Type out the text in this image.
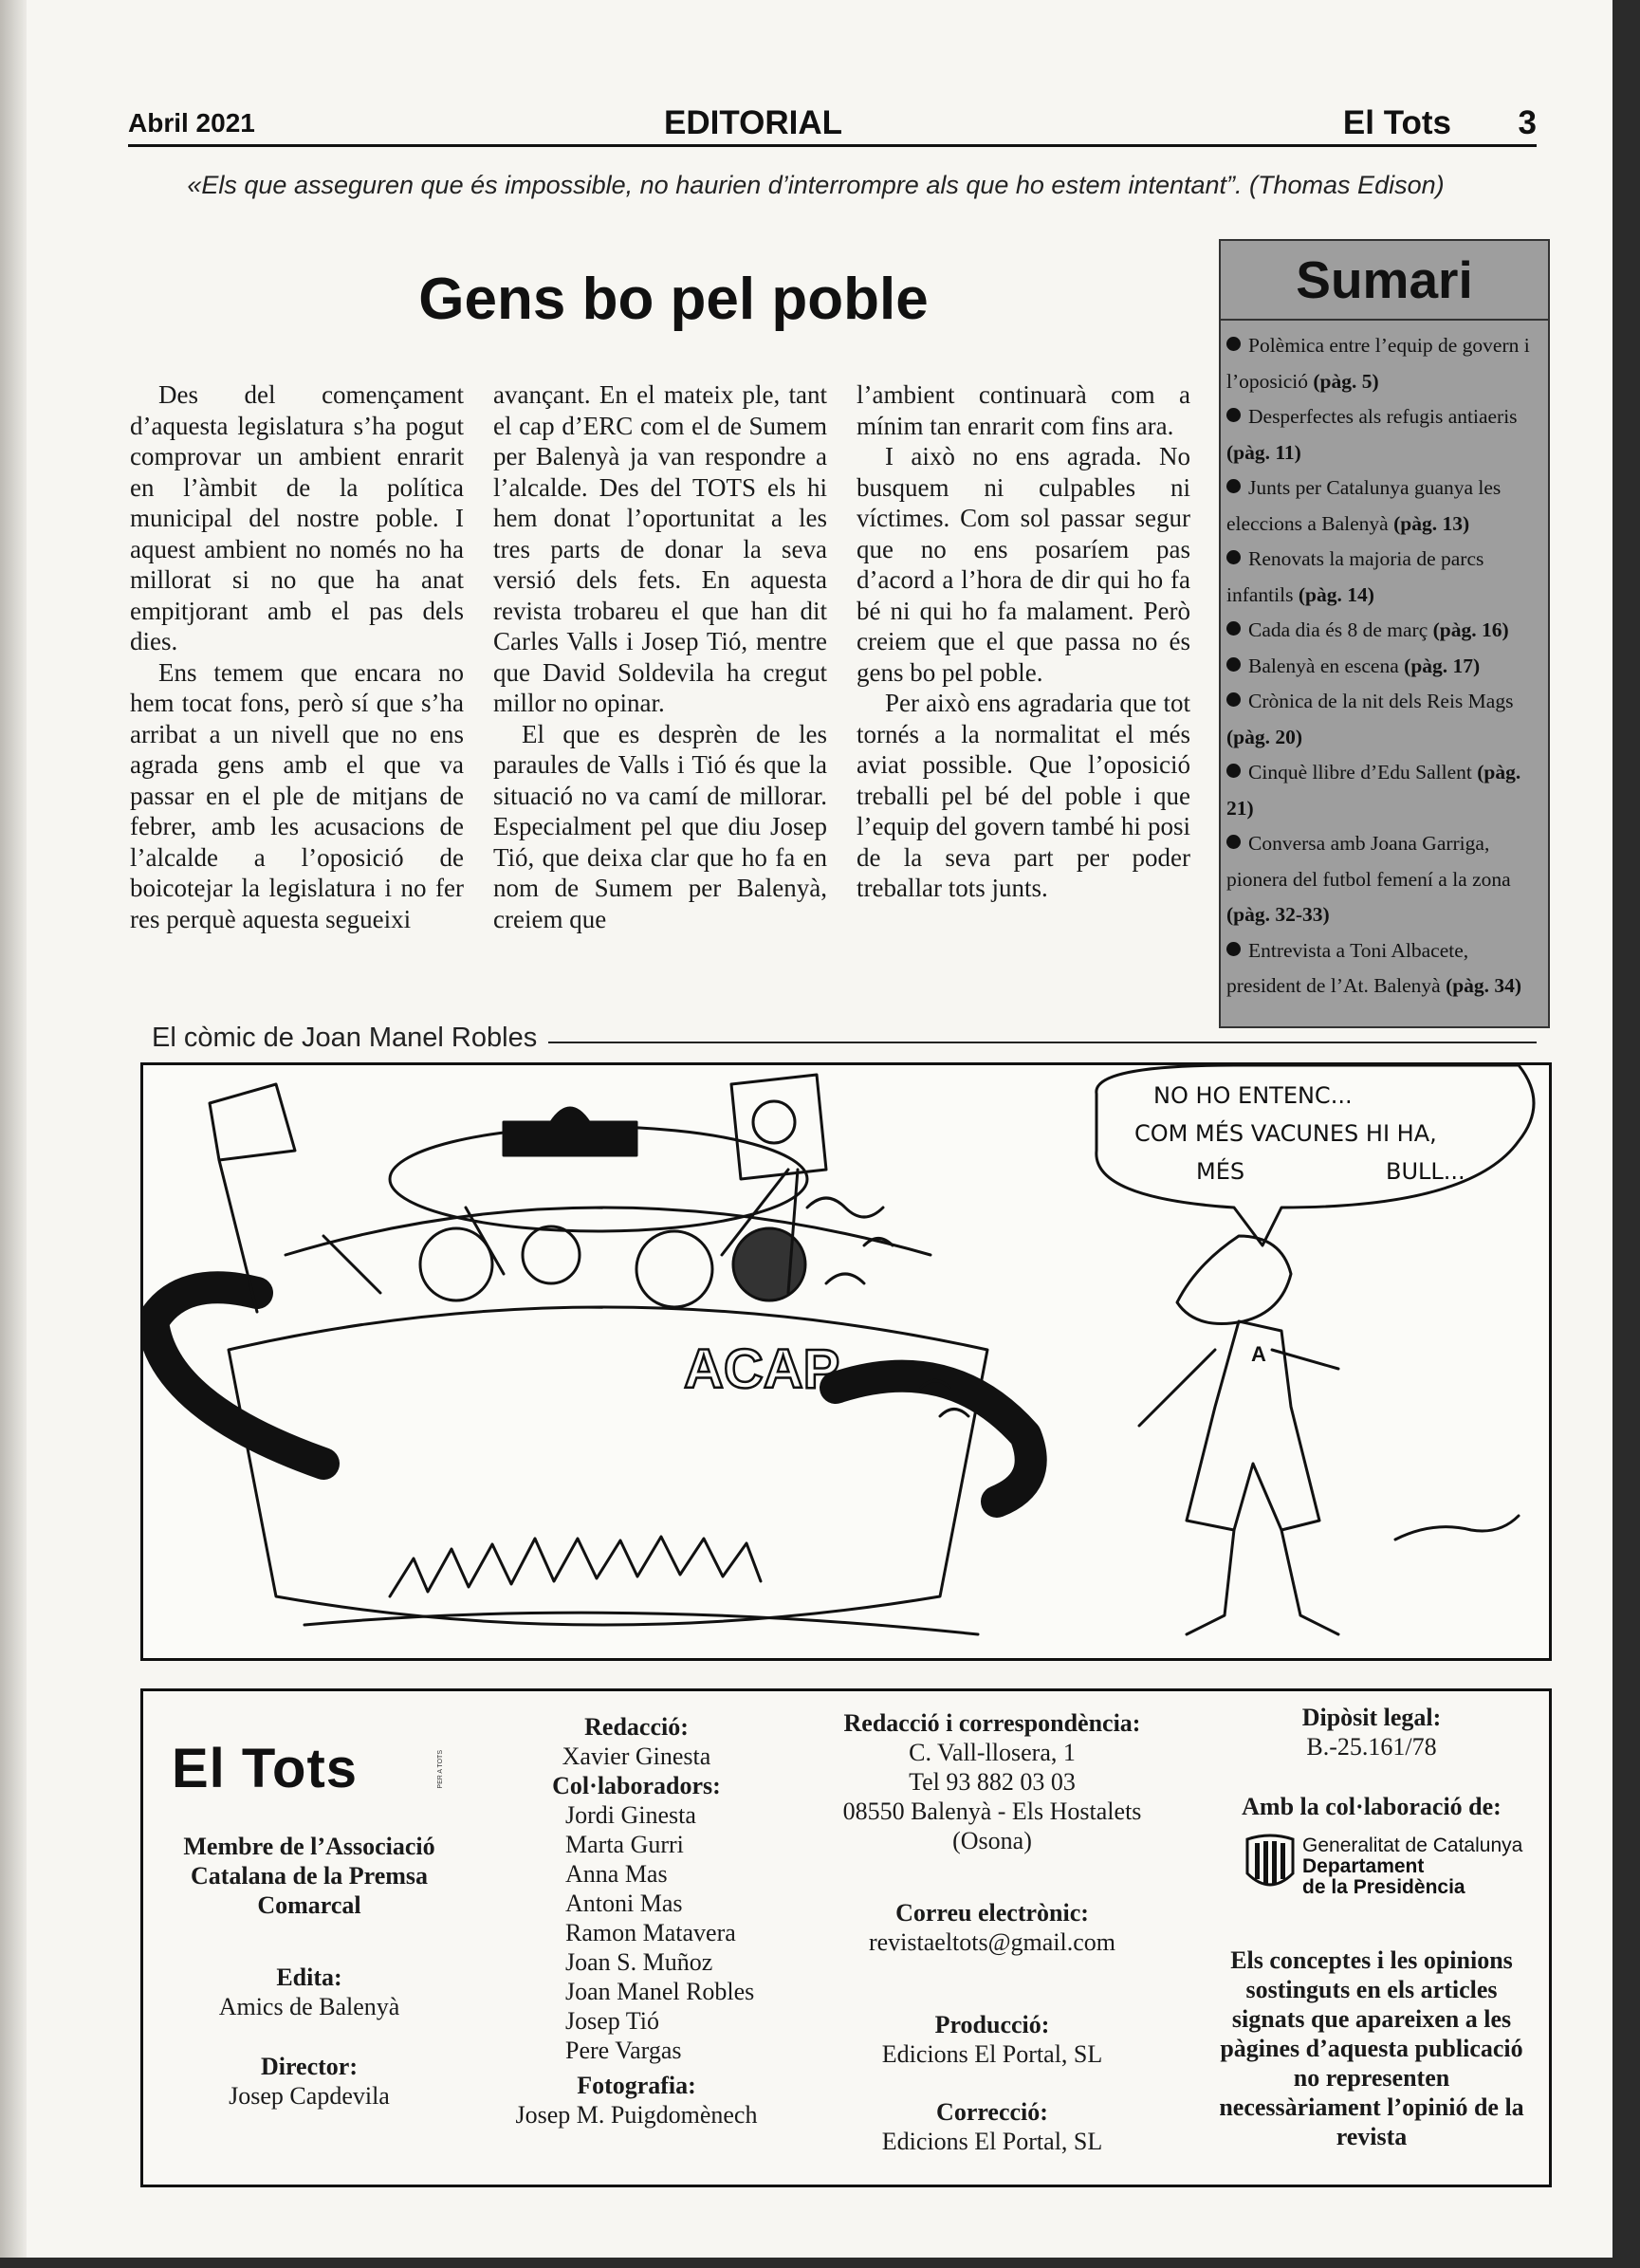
Abril 2021	EDITORIAL	El Tots 3
«Els que asseguren que és impossible, no haurien d’interrompre als que ho estem intentant”. (Thomas Edison)
Gens bo pel poble

Des del començament d’aquesta legislatura s’ha pogut comprovar un ambient enrarit en l’àmbit de la política municipal del nostre poble. I aquest ambient no només no ha millorat si no que ha anat empitjorant amb el pas dels dies.

Ens temem que encara no hem tocat fons, però sí que s’ha arribat a un nivell que no ens agrada gens amb el que va passar en el ple de mitjans de febrer, amb les acusacions de l’alcalde a l’oposició de boicotejar la legislatura i no fer res perquè aquesta segueixi

avançant. En el mateix ple, tant el cap d’ERC com el de Sumem per Balenyà ja van respondre a l’alcalde. Des del TOTS els hi hem donat l’oportunitat a les tres parts de donar la seva versió dels fets. En aquesta revista trobareu el que han dit Carles Valls i Josep Tió, mentre que David Soldevila ha cregut millor no opinar.

El que es desprèn de les paraules de Valls i Tió és que la situació no va camí de millorar. Especialment pel que diu Josep Tió, que deixa clar que ho fa en nom de Sumem per Balenyà, creiem que

l’ambient continuarà com a mínim tan enrarit com fins ara.

I això no ens agrada. No busquem ni culpables ni víctimes. Com sol passar segur que no ens posaríem pas d’acord a l’hora de dir qui ho fa bé ni qui ho fa malament. Però creiem que el que passa no és gens bo pel poble.

Per això ens agradaria que tot tornés a la normalitat el més aviat possible. Que l’oposició treballi pel bé del poble i que l’equip del govern també hi posi de la seva part per poder treballar tots junts.

Sumari
Polèmica entre l’equip de govern i l’oposició (pàg. 5)
Desperfectes als refugis antiaeris (pàg. 11)
Junts per Catalunya guanya les eleccions a Balenyà (pàg. 13)
Renovats la majoria de parcs infantils (pàg. 14)
Cada dia és 8 de març (pàg. 16)
Balenyà en escena (pàg. 17)
Crònica de la nit dels Reis Mags (pàg. 20)
Cinquè llibre d’Edu Sallent (pàg. 21)
Conversa amb Joana Garriga, pionera del futbol femení a la zona (pàg. 32-33)
Entrevista a Toni Albacete, president de l’At. Balenyà (pàg. 34)
El còmic de Joan Manel Robles
ACAP	A
NO HO ENTENC...
COM MÉS VACUNES HI HA,
MÉS	BULL...
El Tots	PER A TOTS
Membre de l’Associació Catalana de la Premsa Comarcal
Edita:
Amics de Balenyà
Director:
Josep Capdevila
Redacció:
Xavier Ginesta
Col·laboradors:
Jordi Ginesta
Marta Gurri
Anna Mas
Antoni Mas
Ramon Matavera
Joan S. Muñoz
Joan Manel Robles
Josep Tió
Pere Vargas
Fotografia:
Josep M. Puigdomènech
Redacció i correspondència:
C. Vall-llosera, 1
Tel 93 882 03 03
08550 Balenyà - Els Hostalets
(Osona)
Correu electrònic:
revistaeltots@gmail.com
Producció:
Edicions El Portal, SL
Correcció:
Edicions El Portal, SL
Dipòsit legal:
B.-25.161/78
Amb la col·laboració de:
Generalitat de Catalunya
Departament
de la Presidència
Els conceptes i les opinions sostinguts en els articles signats que apareixen a les pàgines d’aquesta publicació no representen necessàriament l’opinió de la revista
